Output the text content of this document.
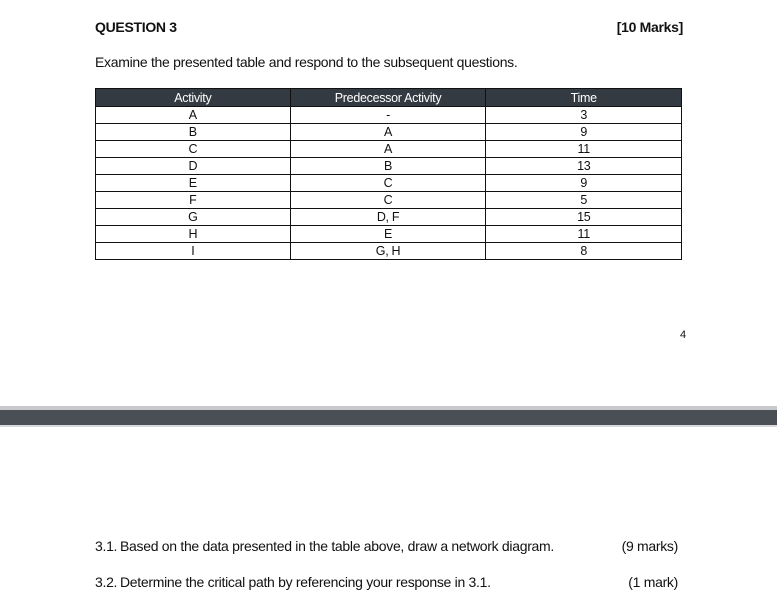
QUESTION 3	[10 Marks]
Examine the presented table and respond to the subsequent questions.
Activity	Predecessor Activity	Time
A	-	3
B	A	9
C	A	11
D	B	13
E	C	9
F	C	5
G	D, F	15
H	E	11
I	G, H	8
4
3.1. Based on the data presented in the table above, draw a network diagram.	(9 marks)
3.2. Determine the critical path by referencing your response in 3.1.	(1 mark)
